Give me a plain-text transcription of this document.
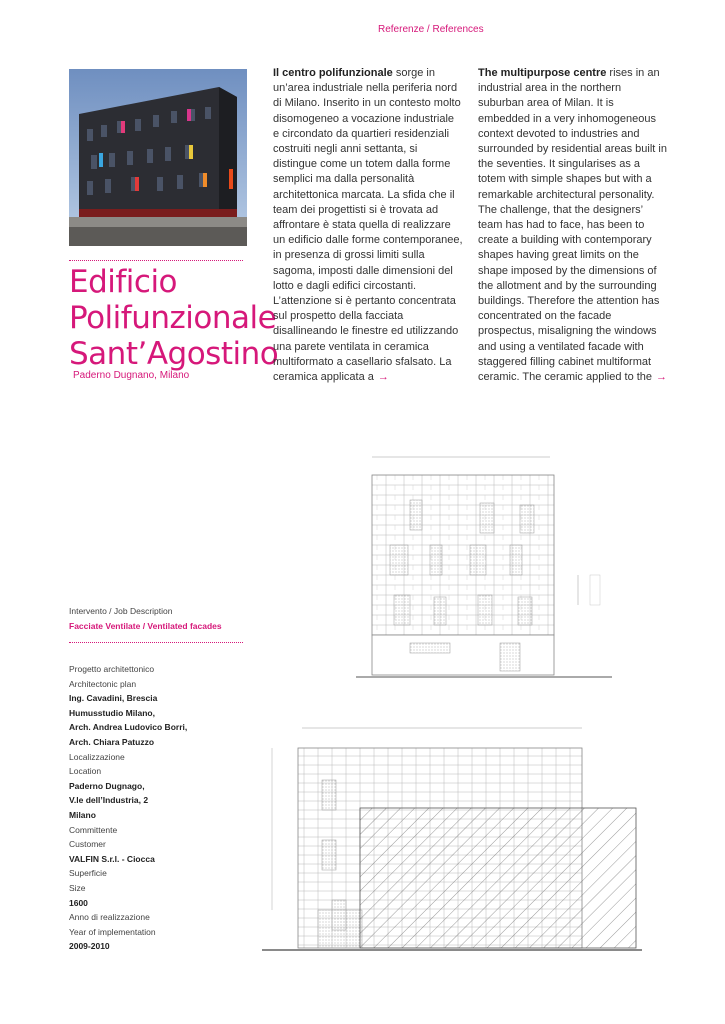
Referenze / References
Edificio
Polifunzionale
Sant’Agostino
Paderno Dugnano, Milano
Il centro polifunzionale sorge in un’area industriale nella periferia nord di Milano. Inserito in un contesto molto disomogeneo a vocazione industriale e circondato da quartieri residenziali costruiti negli anni settanta, si distingue come un totem dalla forme semplici ma dalla personalità architettonica marcata. La sfida che il team dei progettisti si è trovata ad affrontare è stata quella di realizzare un edificio dalle forme contemporanee, in presenza di grossi limiti sulla sagoma, imposti dalle dimensioni del lotto e dagli edifici circostanti. L’attenzione si è pertanto concentrata sul prospetto della facciata disallineando le finestre ed utilizzando una parete ventilata in ceramica multiformato a casellario sfalsato. La ceramica applicata a →
The multipurpose centre rises in an industrial area in the northern suburban area of Milan. It is embedded in a very inhomogeneous context devoted to industries and surrounded by residential areas built in the seventies. It singularises as a totem with simple shapes but with a remarkable architectural personality. The challenge, that the designers’ team has had to face, has been to create a building with contemporary shapes having great limits on the shape imposed by the dimensions of the allotment and by the surrounding buildings. Therefore the attention has concentrated on the facade prospectus, misaligning the windows and using a ventilated facade with staggered filling cabinet multiformat ceramic. The ceramic applied to the →
Intervento / Job Description
Facciate Ventilate / Ventilated facades
Progetto architettonico
Architectonic plan
Ing. Cavadini, Brescia
Humusstudio Milano,
Arch. Andrea Ludovico Borri,
Arch. Chiara Patuzzo
Localizzazione
Location
Paderno Dugnago,
V.le dell’Industria, 2
Milano
Committente
Customer
VALFIN S.r.l. - Ciocca
Superficie
Size
1600
Anno di realizzazione
Year of implementation
2009-2010
